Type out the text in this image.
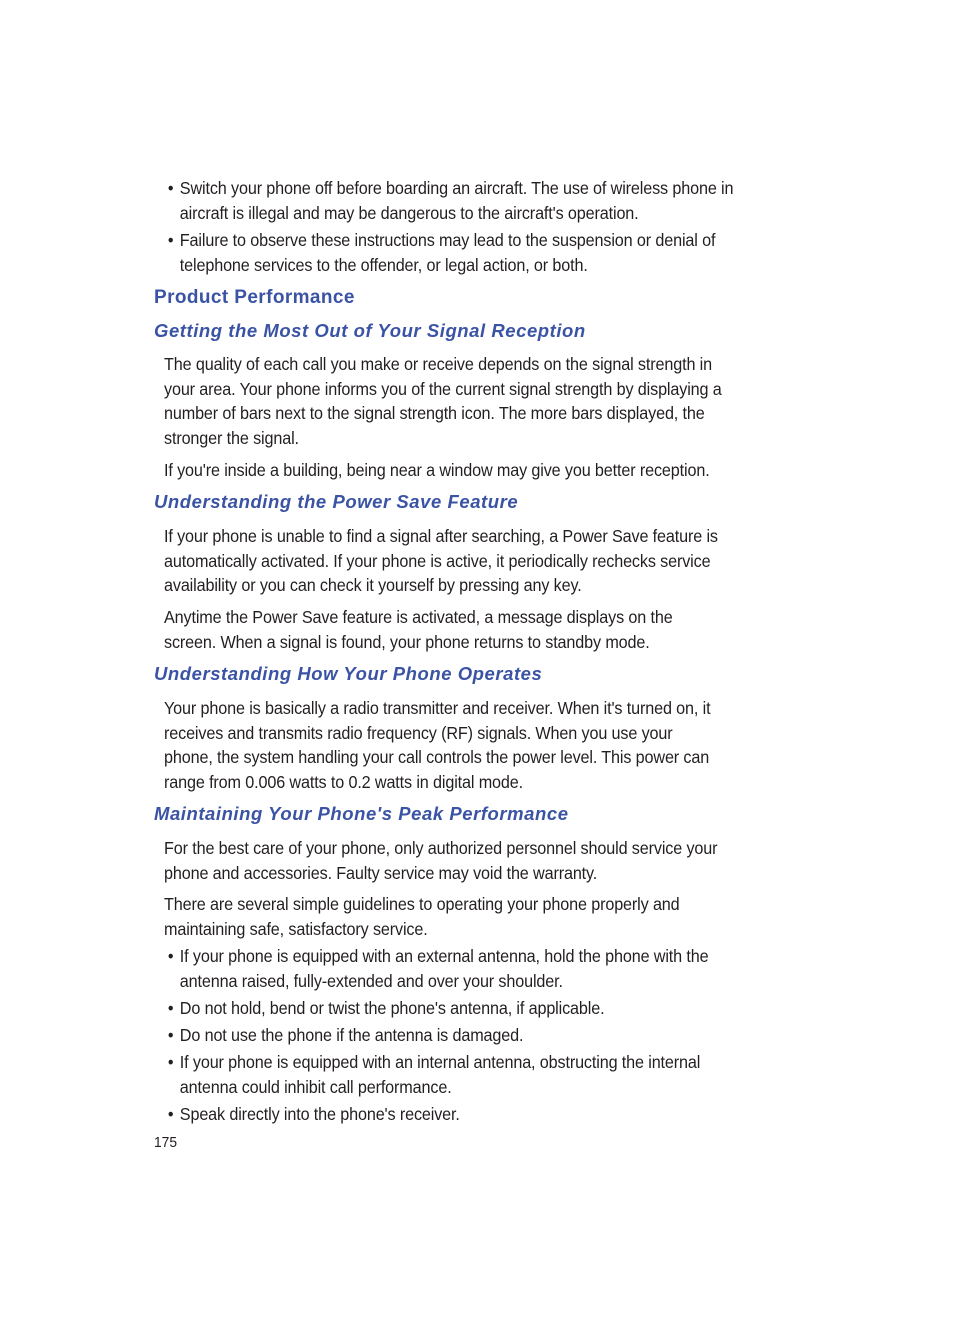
• Switch your phone off before boarding an aircraft. The use of wireless phone in aircraft is illegal and may be dangerous to the aircraft's operation.

• Failure to observe these instructions may lead to the suspension or denial of telephone services to the offender, or legal action, or both.

Product Performance
Getting the Most Out of Your Signal Reception

The quality of each call you make or receive depends on the signal strength in your area. Your phone informs you of the current signal strength by displaying a number of bars next to the signal strength icon. The more bars displayed, the stronger the signal.

If you're inside a building, being near a window may give you better reception.

Understanding the Power Save Feature

If your phone is unable to find a signal after searching, a Power Save feature is automatically activated. If your phone is active, it periodically rechecks service availability or you can check it yourself by pressing any key.

Anytime the Power Save feature is activated, a message displays on the screen. When a signal is found, your phone returns to standby mode.

Understanding How Your Phone Operates

Your phone is basically a radio transmitter and receiver. When it's turned on, it receives and transmits radio frequency (RF) signals. When you use your phone, the system handling your call controls the power level. This power can range from 0.006 watts to 0.2 watts in digital mode.

Maintaining Your Phone's Peak Performance

For the best care of your phone, only authorized personnel should service your phone and accessories. Faulty service may void the warranty.

There are several simple guidelines to operating your phone properly and maintaining safe, satisfactory service.

• If your phone is equipped with an external antenna, hold the phone with the antenna raised, fully-extended and over your shoulder.

• Do not hold, bend or twist the phone's antenna, if applicable.

• Do not use the phone if the antenna is damaged.

• If your phone is equipped with an internal antenna, obstructing the internal antenna could inhibit call performance.

• Speak directly into the phone's receiver.

175
